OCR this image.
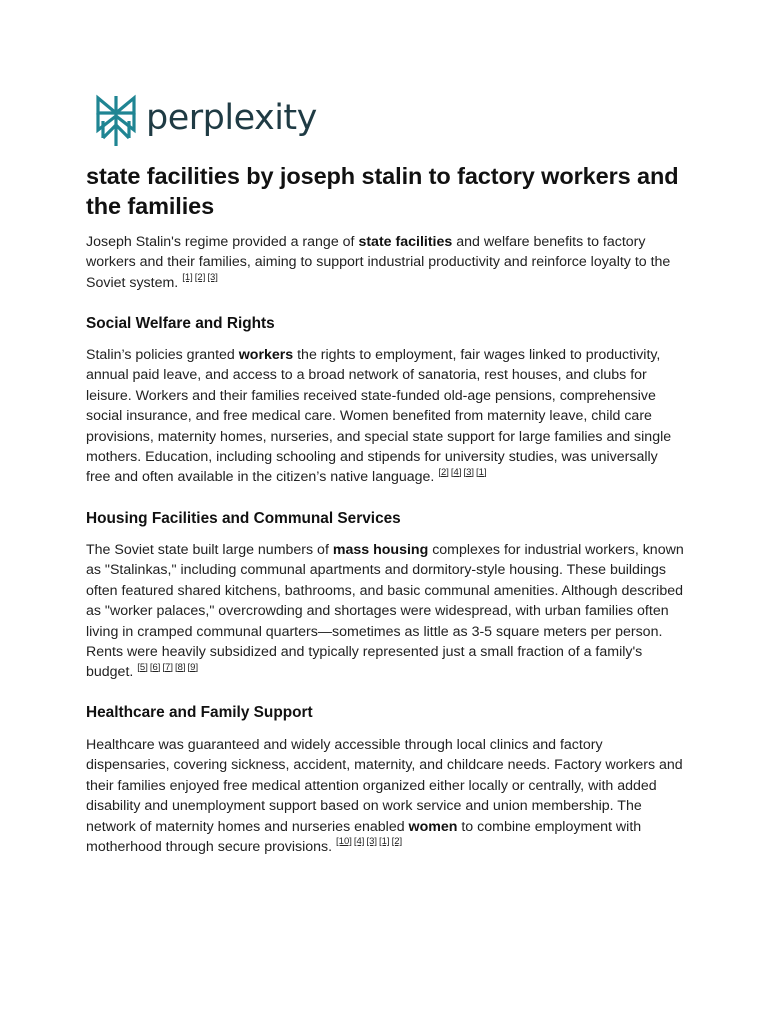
perplexity
state facilities by joseph stalin to factory workers and the families

Joseph Stalin's regime provided a range of state facilities and welfare benefits to factory workers and their families, aiming to support industrial productivity and reinforce loyalty to the Soviet system. [1] [2] [3]

Social Welfare and Rights

Stalin’s policies granted workers the rights to employment, fair wages linked to productivity, annual paid leave, and access to a broad network of sanatoria, rest houses, and clubs for leisure. Workers and their families received state-funded old-age pensions, comprehensive social insurance, and free medical care. Women benefited from maternity leave, child care provisions, maternity homes, nurseries, and special state support for large families and single mothers. Education, including schooling and stipends for university studies, was universally free and often available in the citizen’s native language. [2] [4] [3] [1]

Housing Facilities and Communal Services

The Soviet state built large numbers of mass housing complexes for industrial workers, known as "Stalinkas," including communal apartments and dormitory-style housing. These buildings often featured shared kitchens, bathrooms, and basic communal amenities. Although described as "worker palaces," overcrowding and shortages were widespread, with urban families often living in cramped communal quarters—sometimes as little as 3-5 square meters per person. Rents were heavily subsidized and typically represented just a small fraction of a family's budget. [5] [6] [7] [8] [9]

Healthcare and Family Support

Healthcare was guaranteed and widely accessible through local clinics and factory dispensaries, covering sickness, accident, maternity, and childcare needs. Factory workers and their families enjoyed free medical attention organized either locally or centrally, with added disability and unemployment support based on work service and union membership. The network of maternity homes and nurseries enabled women to combine employment with motherhood through secure provisions. [10] [4] [3] [1] [2]
